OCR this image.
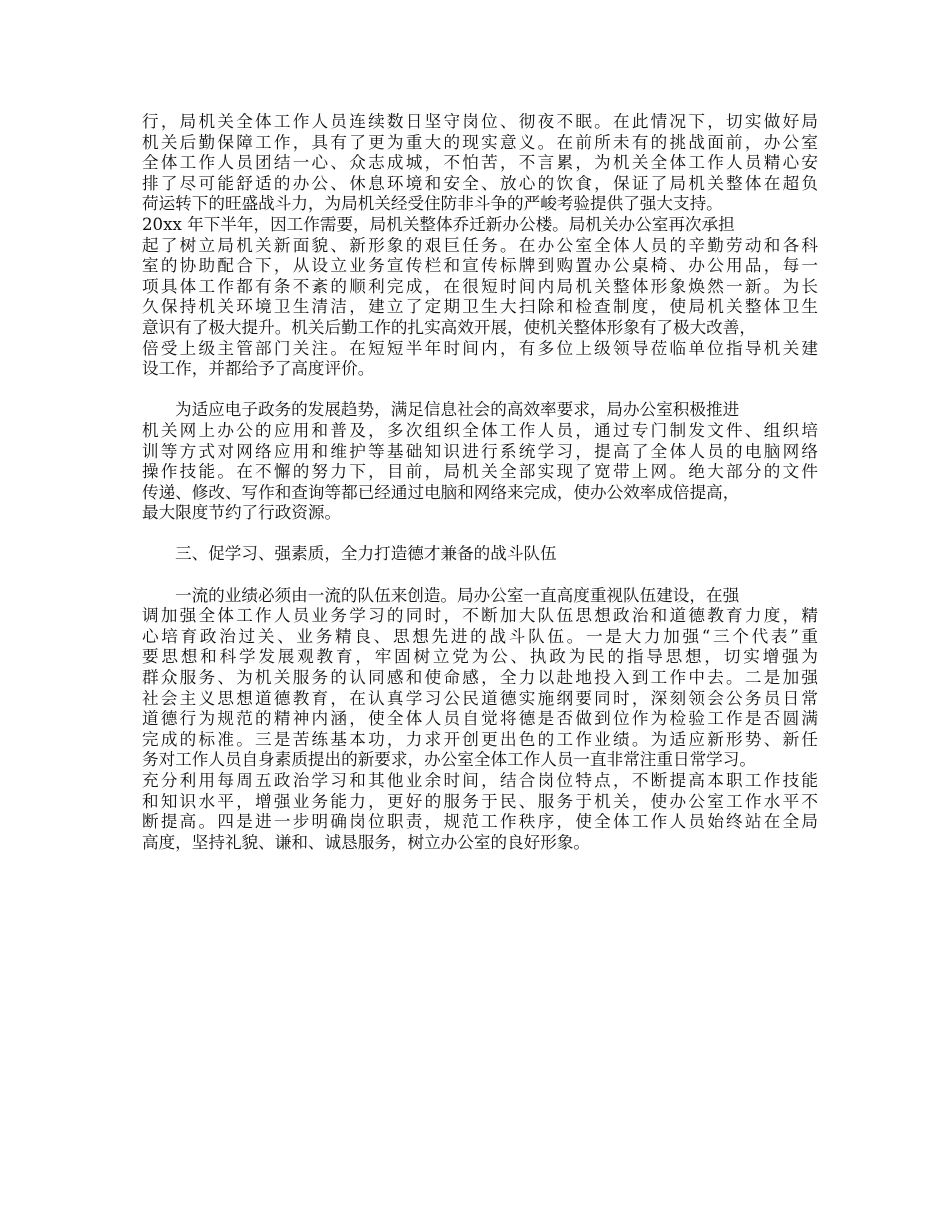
行，局机关全体工作人员连续数日坚守岗位、彻夜不眠。在此情况下，切实做好局
机关后勤保障工作，具有了更为重大的现实意义。在前所未有的挑战面前，办公室
全体工作人员团结一心、众志成城，不怕苦，不言累，为机关全体工作人员精心安
排了尽可能舒适的办公、休息环境和安全、放心的饮食，保证了局机关整体在超负
荷运转下的旺盛战斗力，为局机关经受住防非斗争的严峻考验提供了强大支持。
20xx 年下半年，因工作需要，局机关整体乔迁新办公楼。局机关办公室再次承担
起了树立局机关新面貌、新形象的艰巨任务。在办公室全体人员的辛勤劳动和各科
室的协助配合下，从设立业务宣传栏和宣传标牌到购置办公桌椅、办公用品，每一
项具体工作都有条不紊的顺利完成，在很短时间内局机关整体形象焕然一新。为长
久保持机关环境卫生清洁，建立了定期卫生大扫除和检查制度，使局机关整体卫生
意识有了极大提升。机关后勤工作的扎实高效开展，使机关整体形象有了极大改善，
倍受上级主管部门关注。在短短半年时间内，有多位上级领导莅临单位指导机关建
设工作，并都给予了高度评价。
为适应电子政务的发展趋势，满足信息社会的高效率要求，局办公室积极推进
机关网上办公的应用和普及，多次组织全体工作人员，通过专门制发文件、组织培
训等方式对网络应用和维护等基础知识进行系统学习，提高了全体人员的电脑网络
操作技能。在不懈的努力下，目前，局机关全部实现了宽带上网。绝大部分的文件
传递、修改、写作和查询等都已经通过电脑和网络来完成，使办公效率成倍提高，
最大限度节约了行政资源。
三、促学习、强素质，全力打造德才兼备的战斗队伍
一流的业绩必须由一流的队伍来创造。局办公室一直高度重视队伍建设，在强
调加强全体工作人员业务学习的同时，不断加大队伍思想政治和道德教育力度，精
心培育政治过关、业务精良、思想先进的战斗队伍。一是大力加强“三个代表”重
要思想和科学发展观教育，牢固树立党为公、执政为民的指导思想，切实增强为
群众服务、为机关服务的认同感和使命感，全力以赴地投入到工作中去。二是加强
社会主义思想道德教育，在认真学习公民道德实施纲要同时，深刻领会公务员日常
道德行为规范的精神内涵，使全体人员自觉将德是否做到位作为检验工作是否圆满
完成的标准。三是苦练基本功，力求开创更出色的工作业绩。为适应新形势、新任
务对工作人员自身素质提出的新要求，办公室全体工作人员一直非常注重日常学习。
充分利用每周五政治学习和其他业余时间，结合岗位特点，不断提高本职工作技能
和知识水平，增强业务能力，更好的服务于民、服务于机关，使办公室工作水平不
断提高。四是进一步明确岗位职责，规范工作秩序，使全体工作人员始终站在全局
高度，坚持礼貌、谦和、诚恳服务，树立办公室的良好形象。
